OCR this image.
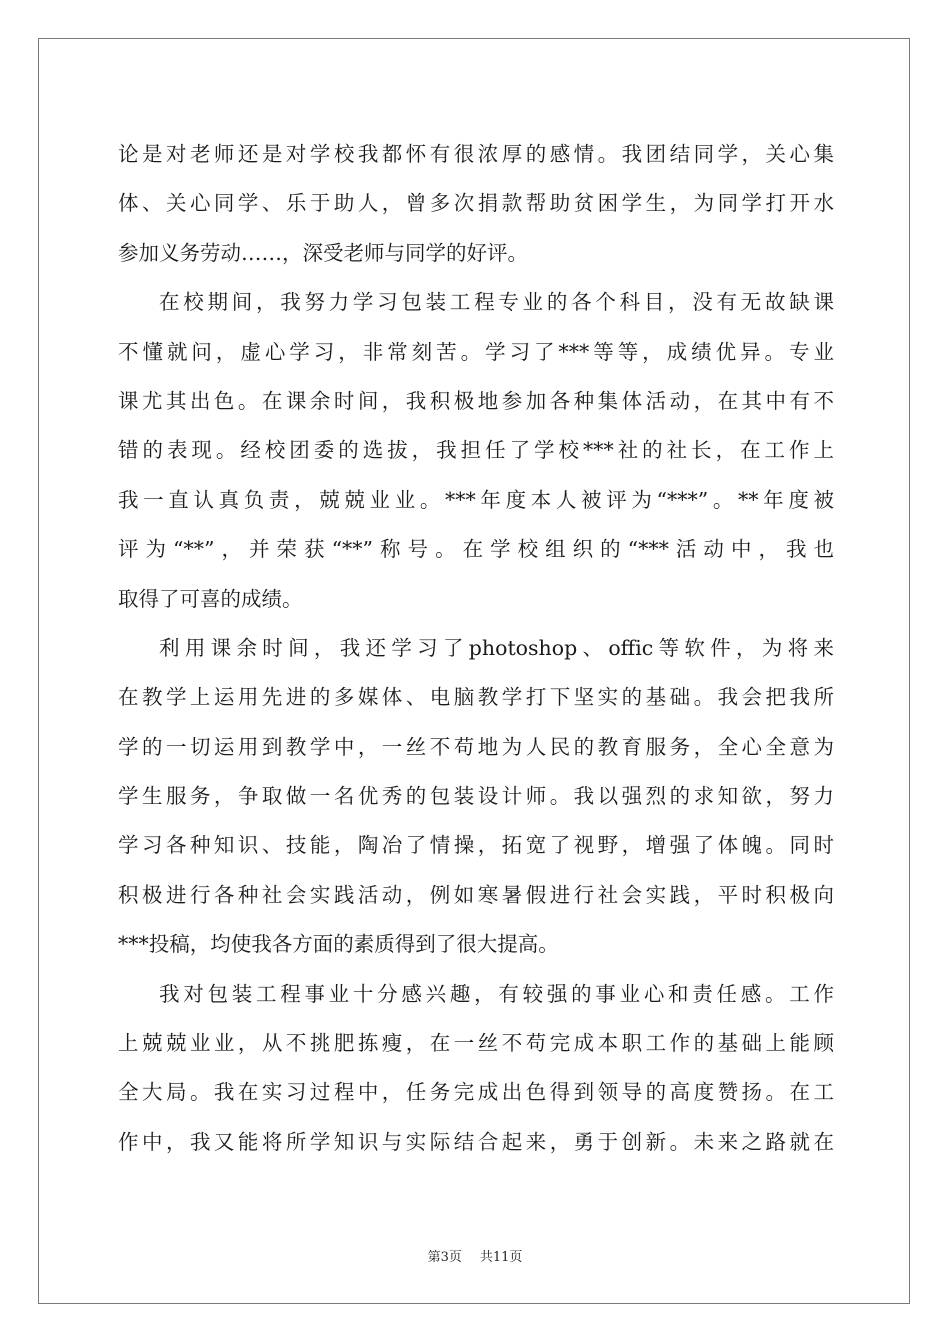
论是对老师还是对学校我都怀有很浓厚的感情。我团结同学，关心集
体、关心同学、乐于助人，曾多次捐款帮助贫困学生，为同学打开水
参加义务劳动……，深受老师与同学的好评。
在校期间，我努力学习包装工程专业的各个科目，没有无故缺课
不懂就问，虚心学习，非常刻苦。学习了***等等，成绩优异。专业
课尤其出色。在课余时间，我积极地参加各种集体活动，在其中有不
错的表现。经校团委的选拔，我担任了学校***社的社长，在工作上
我一直认真负责，兢兢业业。***年度本人被评为“***”。**年度被
评为“**”，并荣获“**”称号。在学校组织的“***活动中，我也
取得了可喜的成绩。
利用课余时间，我还学习了photoshop、offic等软件，为将来
在教学上运用先进的多媒体、电脑教学打下坚实的基础。我会把我所
学的一切运用到教学中，一丝不苟地为人民的教育服务，全心全意为
学生服务，争取做一名优秀的包装设计师。我以强烈的求知欲，努力
学习各种知识、技能，陶冶了情操，拓宽了视野，增强了体魄。同时
积极进行各种社会实践活动，例如寒暑假进行社会实践，平时积极向
***投稿，均使我各方面的素质得到了很大提高。
我对包装工程事业十分感兴趣，有较强的事业心和责任感。工作
上兢兢业业，从不挑肥拣瘦，在一丝不苟完成本职工作的基础上能顾
全大局。我在实习过程中，任务完成出色得到领导的高度赞扬。在工
作中，我又能将所学知识与实际结合起来，勇于创新。未来之路就在
第3页 共11页
